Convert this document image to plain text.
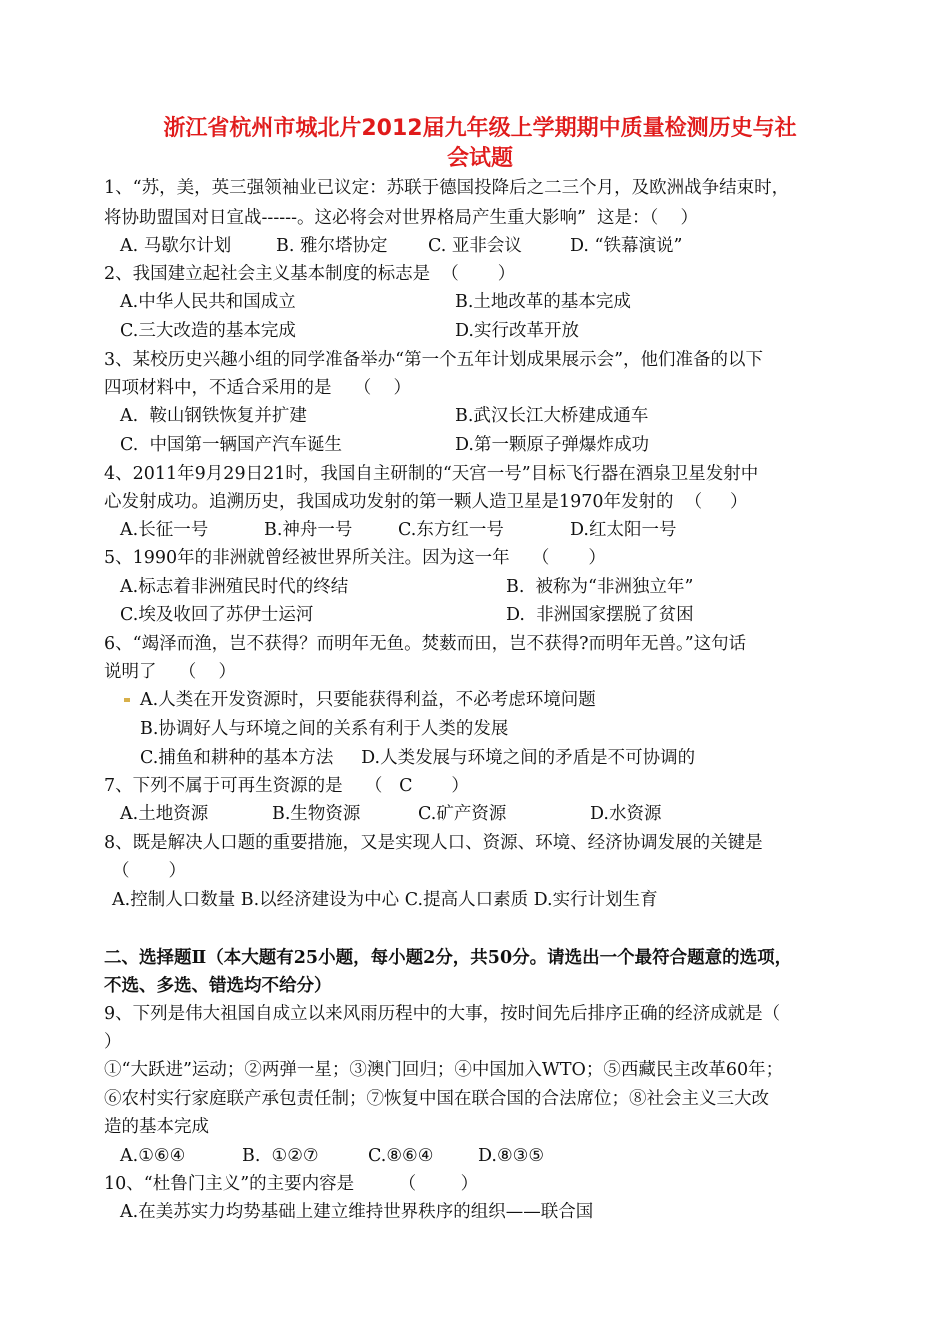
浙江省杭州市城北片2012届九年级上学期期中质量检测历史与社
会试题
1、“苏，美，英三强领袖业已议定：苏联于德国投降后之二三个月，及欧洲战争结束时，
将协助盟国对日宣战------。这必将会对世界格局产生重大影响”  这是：（    ）
A. 马歇尔计划	B. 雅尔塔协定 C. 亚非会议	D. “铁幕演说”
2、我国建立起社会主义基本制度的标志是  （       ）
A.中华人民共和国成立	B.土地改革的基本完成
C.三大改造的基本完成	D.实行改革开放
3、某校历史兴趣小组的同学准备举办“第一个五年计划成果展示会”，他们准备的以下
四项材料中，不适合采用的是    （    ）
A.  鞍山钢铁恢复并扩建	B.武汉长江大桥建成通车
C.  中国第一辆国产汽车诞生	D.第一颗原子弹爆炸成功
4、2011年9月29日21时，我国自主研制的“天宫一号”目标飞行器在酒泉卫星发射中
心发射成功。追溯历史，我国成功发射的第一颗人造卫星是1970年发射的  （     ）
A.长征一号	B.神舟一号	C.东方红一号	D.红太阳一号
5、1990年的非洲就曾经被世界所关注。因为这一年    （       ）
A.标志着非洲殖民时代的终结	B.  被称为“非洲独立年”
C.埃及收回了苏伊士运河	D.  非洲国家摆脱了贫困
6、“竭泽而渔，岂不获得？而明年无鱼。焚薮而田，岂不获得?而明年无兽。”这句话
说明了    （    ）
A.人类在开发资源时，只要能获得利益，不必考虑环境问题
B.协调好人与环境之间的关系有利于人类的发展
C.捕鱼和耕种的基本方法     D.人类发展与环境之间的矛盾是不可协调的
7、下列不属于可再生资源的是    （   C       ）
A.土地资源	B.生物资源	C.矿产资源	D.水资源
8、既是解决人口题的重要措施，又是实现人口、资源、环境、经济协调发展的关键是
（       ）
A.控制人口数量 B.以经济建设为中心 C.提高人口素质 D.实行计划生育
二、选择题Ⅱ（本大题有25小题，每小题2分，共50分。请选出一个最符合题意的选项，
不选、多选、错选均不给分）
9、下列是伟大祖国自成立以来风雨历程中的大事，按时间先后排序正确的经济成就是（
）
①“大跃进”运动；②两弹一星；③澳门回归；④中国加入WTO；⑤西藏民主改革60年；
⑥农村实行家庭联产承包责任制；⑦恢复中国在联合国的合法席位；⑧社会主义三大改
造的基本完成
A.①⑥④	B.  ①②⑦	C.⑧⑥④	D.⑧③⑤
10、“杜鲁门主义”的主要内容是        （        ）
A.在美苏实力均势基础上建立维持世界秩序的组织——联合国
